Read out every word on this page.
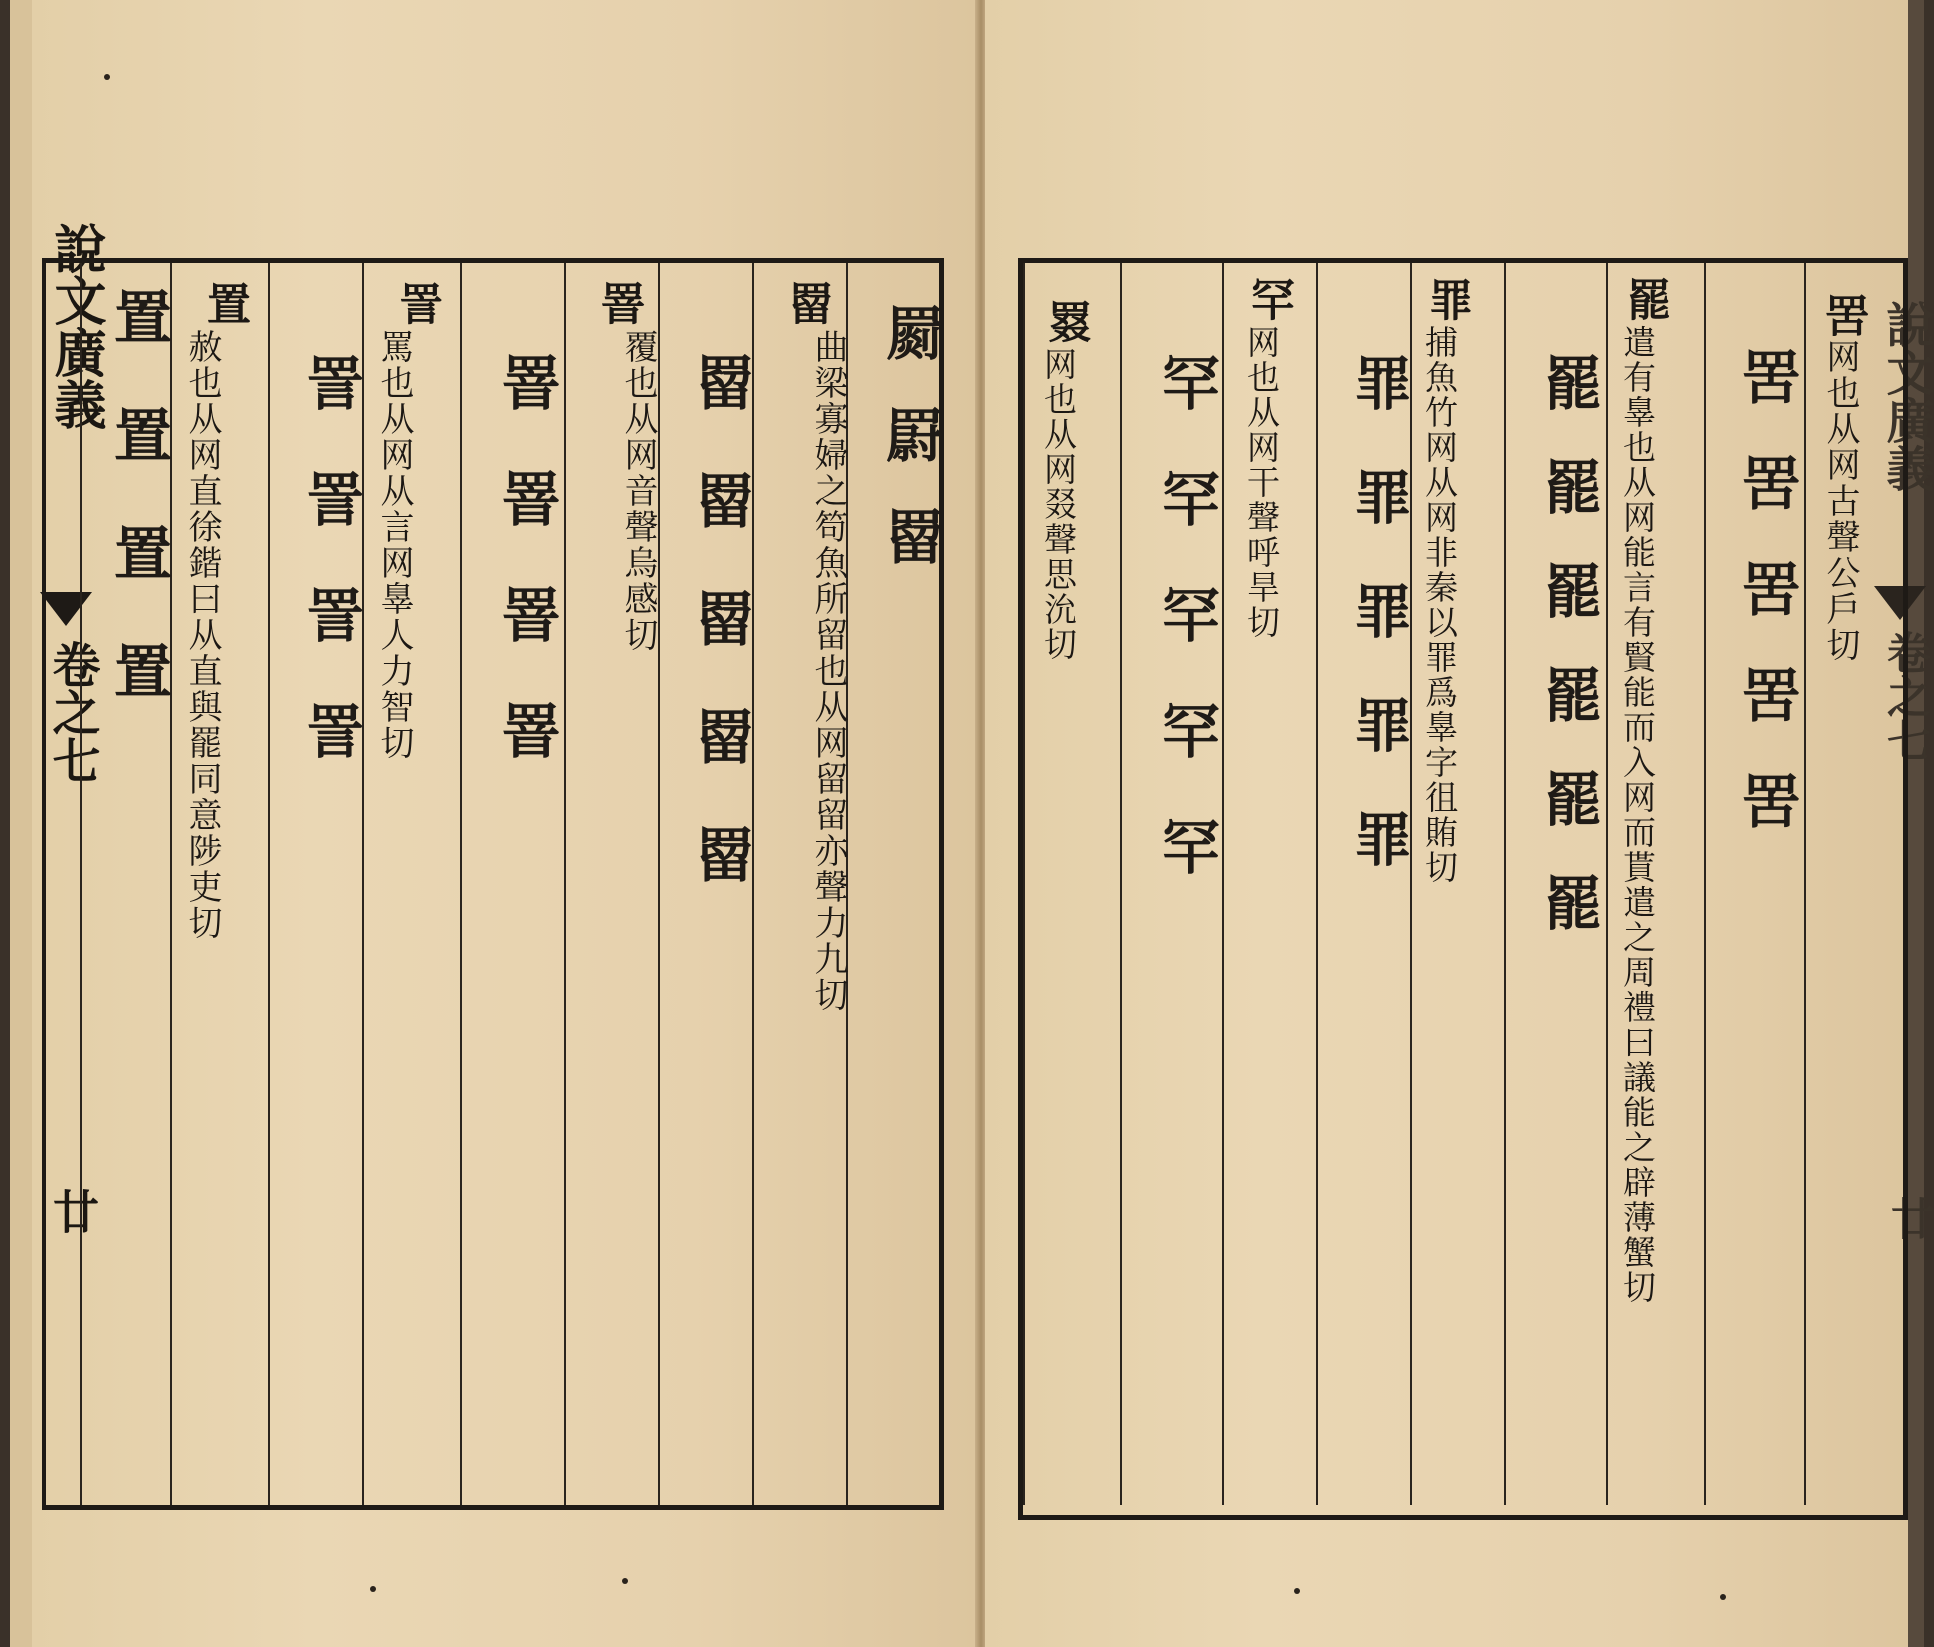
說文廣義
卷之七
廿
說文廣義
卷之七
廿
罽罻罶
罶
曲梁寡婦之笱魚所留也从网留留亦聲力九切
罶罶罶罶罶
罯
覆也从网音聲烏感切
罯罯罯罯
詈
罵也从网从言网辠人力智切
詈詈詈詈
置
赦也从网直徐鍇曰从直與罷同意陟吏切
置置置置	罟
网也从网古聲公戶切
罟罟罟罟罟
罷
遣有辠也从网能言有賢能而入网而貰遣之周禮曰議能之辟薄蟹切
罷罷罷罷罷罷
罪
捕魚竹网从网非秦以罪爲辠字徂賄切
罪罪罪罪罪
罕
网也从网干聲呼旱切
罕罕罕罕罕
罬
网也从网叕聲思沇切
